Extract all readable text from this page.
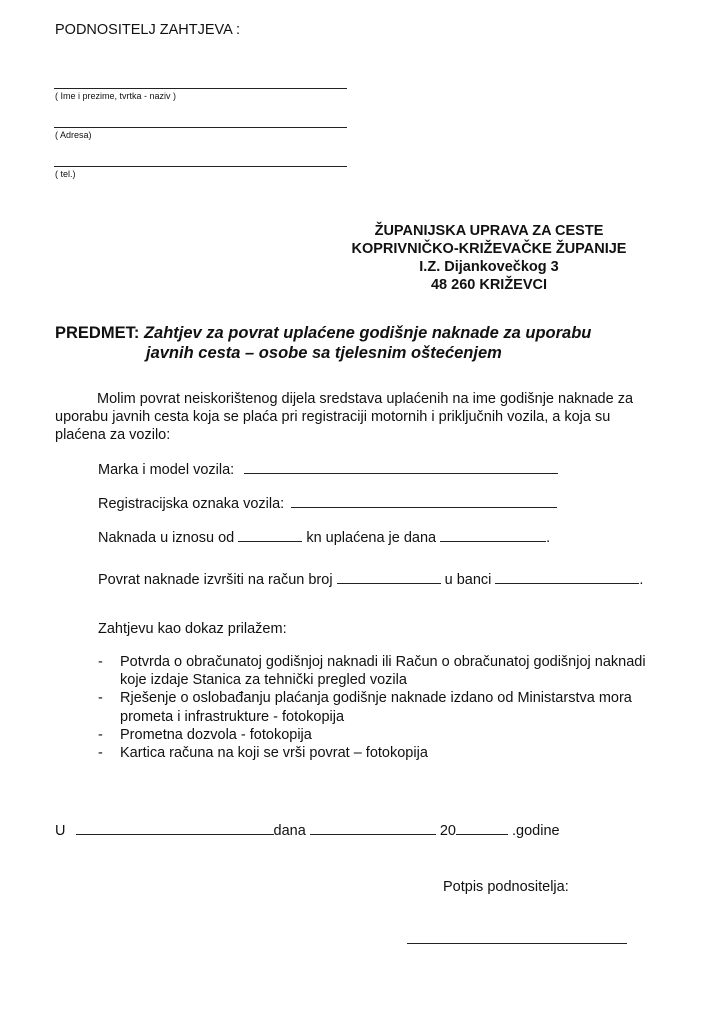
PODNOSITELJ ZAHTJEVA :
( Ime i prezime, tvrtka - naziv )
( Adresa)
( tel.)
ŽUPANIJSKA UPRAVA ZA CESTE
KOPRIVNIČKO-KRIŽEVAČKE ŽUPANIJE
I.Z. Dijankovečkog 3
48 260 KRIŽEVCI
PREDMET: Zahtjev za povrat uplaćene godišnje naknade za uporabu
javnih cesta – osobe sa tjelesnim oštećenjem
Molim povrat neiskorištenog dijela sredstava uplaćenih na ime godišnje naknade za
uporabu javnih cesta koja se plaća pri registraciji motornih i priključnih vozila, a koja su
plaćena za vozilo:
Marka i model vozila:
Registracijska oznaka vozila:
Naknada u iznosu od	kn uplaćena je dana	.
Povrat naknade izvršiti na račun broj	u banci	.
Zahtjevu kao dokaz prilažem:
- Potvrda o obračunatoj godišnjoj naknadi ili Račun o obračunatoj godišnjoj naknadi
koje izdaje Stanica za tehnički pregled vozila
- Rješenje o oslobađanju plaćanja godišnje naknade izdano od Ministarstva mora
prometa i infrastrukture - fotokopija
- Prometna dozvola - fotokopija
- Kartica računa na koji se vrši povrat – fotokopija
U	dana	20	.godine
Potpis podnositelja:
